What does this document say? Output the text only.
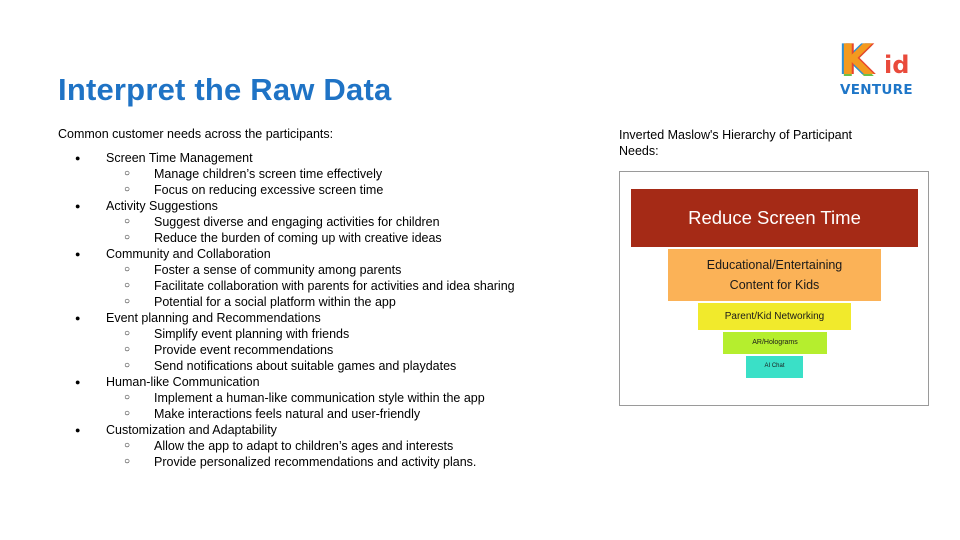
Interpret the Raw Data
K id
VENTURE
Common customer needs across the participants:
● Screen Time Management
○ Manage children’s screen time effectively
○ Focus on reducing excessive screen time
● Activity Suggestions
○ Suggest diverse and engaging activities for children
○ Reduce the burden of coming up with creative ideas
● Community and Collaboration
○ Foster a sense of community among parents
○ Facilitate collaboration with parents for activities and idea sharing
○ Potential for a social platform within the app
● Event planning and Recommendations
○ Simplify event planning with friends
○ Provide event recommendations
○ Send notifications about suitable games and playdates
● Human-like Communication
○ Implement a human-like communication style within the app
○ Make interactions feels natural and user-friendly
● Customization and Adaptability
○ Allow the app to adapt to children’s ages and interests
○ Provide personalized recommendations and activity plans.
Inverted Maslow's Hierarchy of Participant Needs:
Reduce Screen Time
Educational/Entertaining Content for Kids
Parent/Kid Networking
AR/Holograms
AI Chat
